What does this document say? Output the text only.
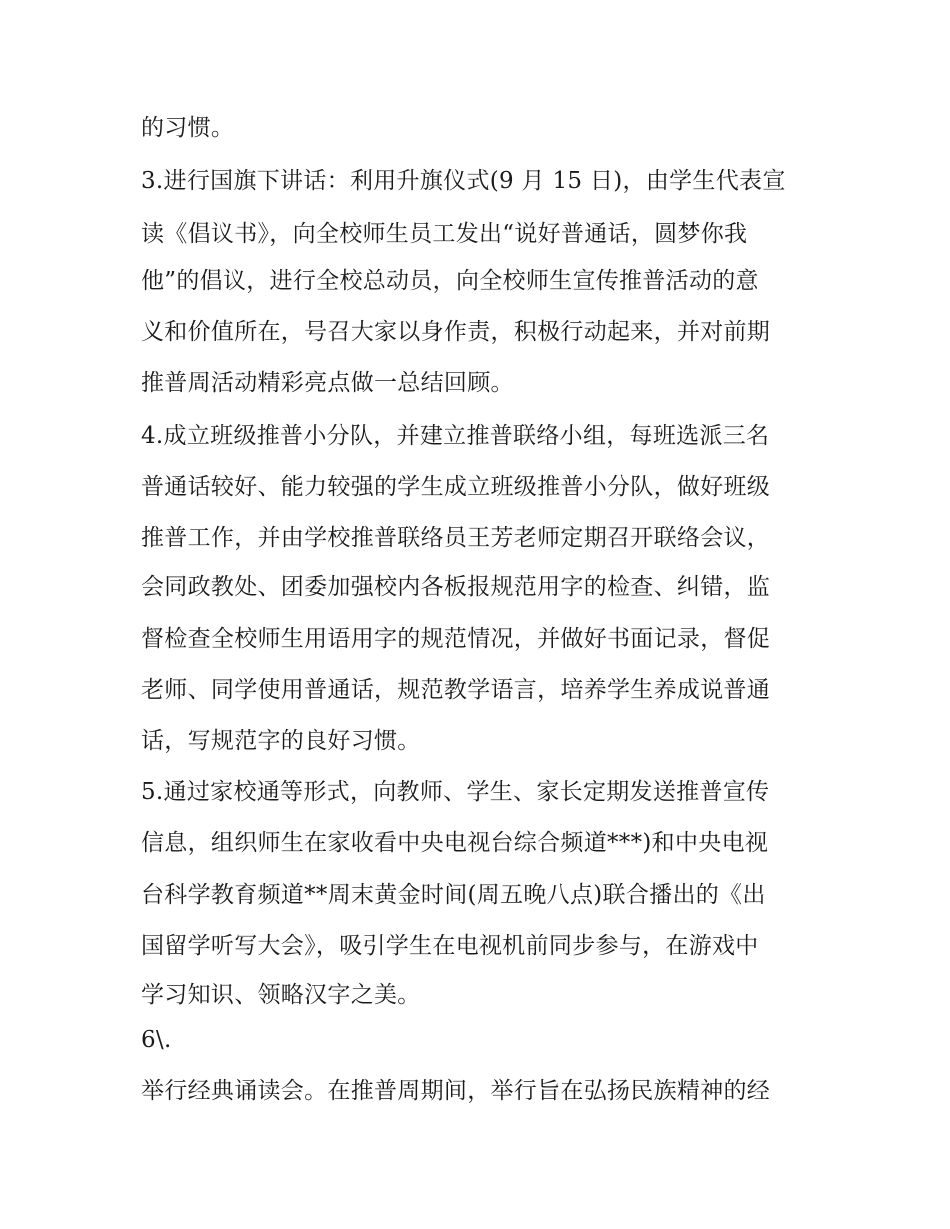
的习惯。
3.进行国旗下讲话：利用升旗仪式(9 月 15 日)，由学生代表宣
读《倡议书》，向全校师生员工发出“说好普通话，圆梦你我
他”的倡议，进行全校总动员，向全校师生宣传推普活动的意
义和价值所在，号召大家以身作责，积极行动起来，并对前期
推普周活动精彩亮点做一总结回顾。
4.成立班级推普小分队，并建立推普联络小组，每班选派三名
普通话较好、能力较强的学生成立班级推普小分队，做好班级
推普工作，并由学校推普联络员王芳老师定期召开联络会议，
会同政教处、团委加强校内各板报规范用字的检查、纠错，监
督检查全校师生用语用字的规范情况，并做好书面记录，督促
老师、同学使用普通话，规范教学语言，培养学生养成说普通
话，写规范字的良好习惯。
5.通过家校通等形式，向教师、学生、家长定期发送推普宣传
信息，组织师生在家收看中央电视台综合频道***)和中央电视
台科学教育频道**周末黄金时间(周五晚八点)联合播出的《出
国留学听写大会》，吸引学生在电视机前同步参与，在游戏中
学习知识、领略汉字之美。
6\.
举行经典诵读会。在推普周期间，举行旨在弘扬民族精神的经
